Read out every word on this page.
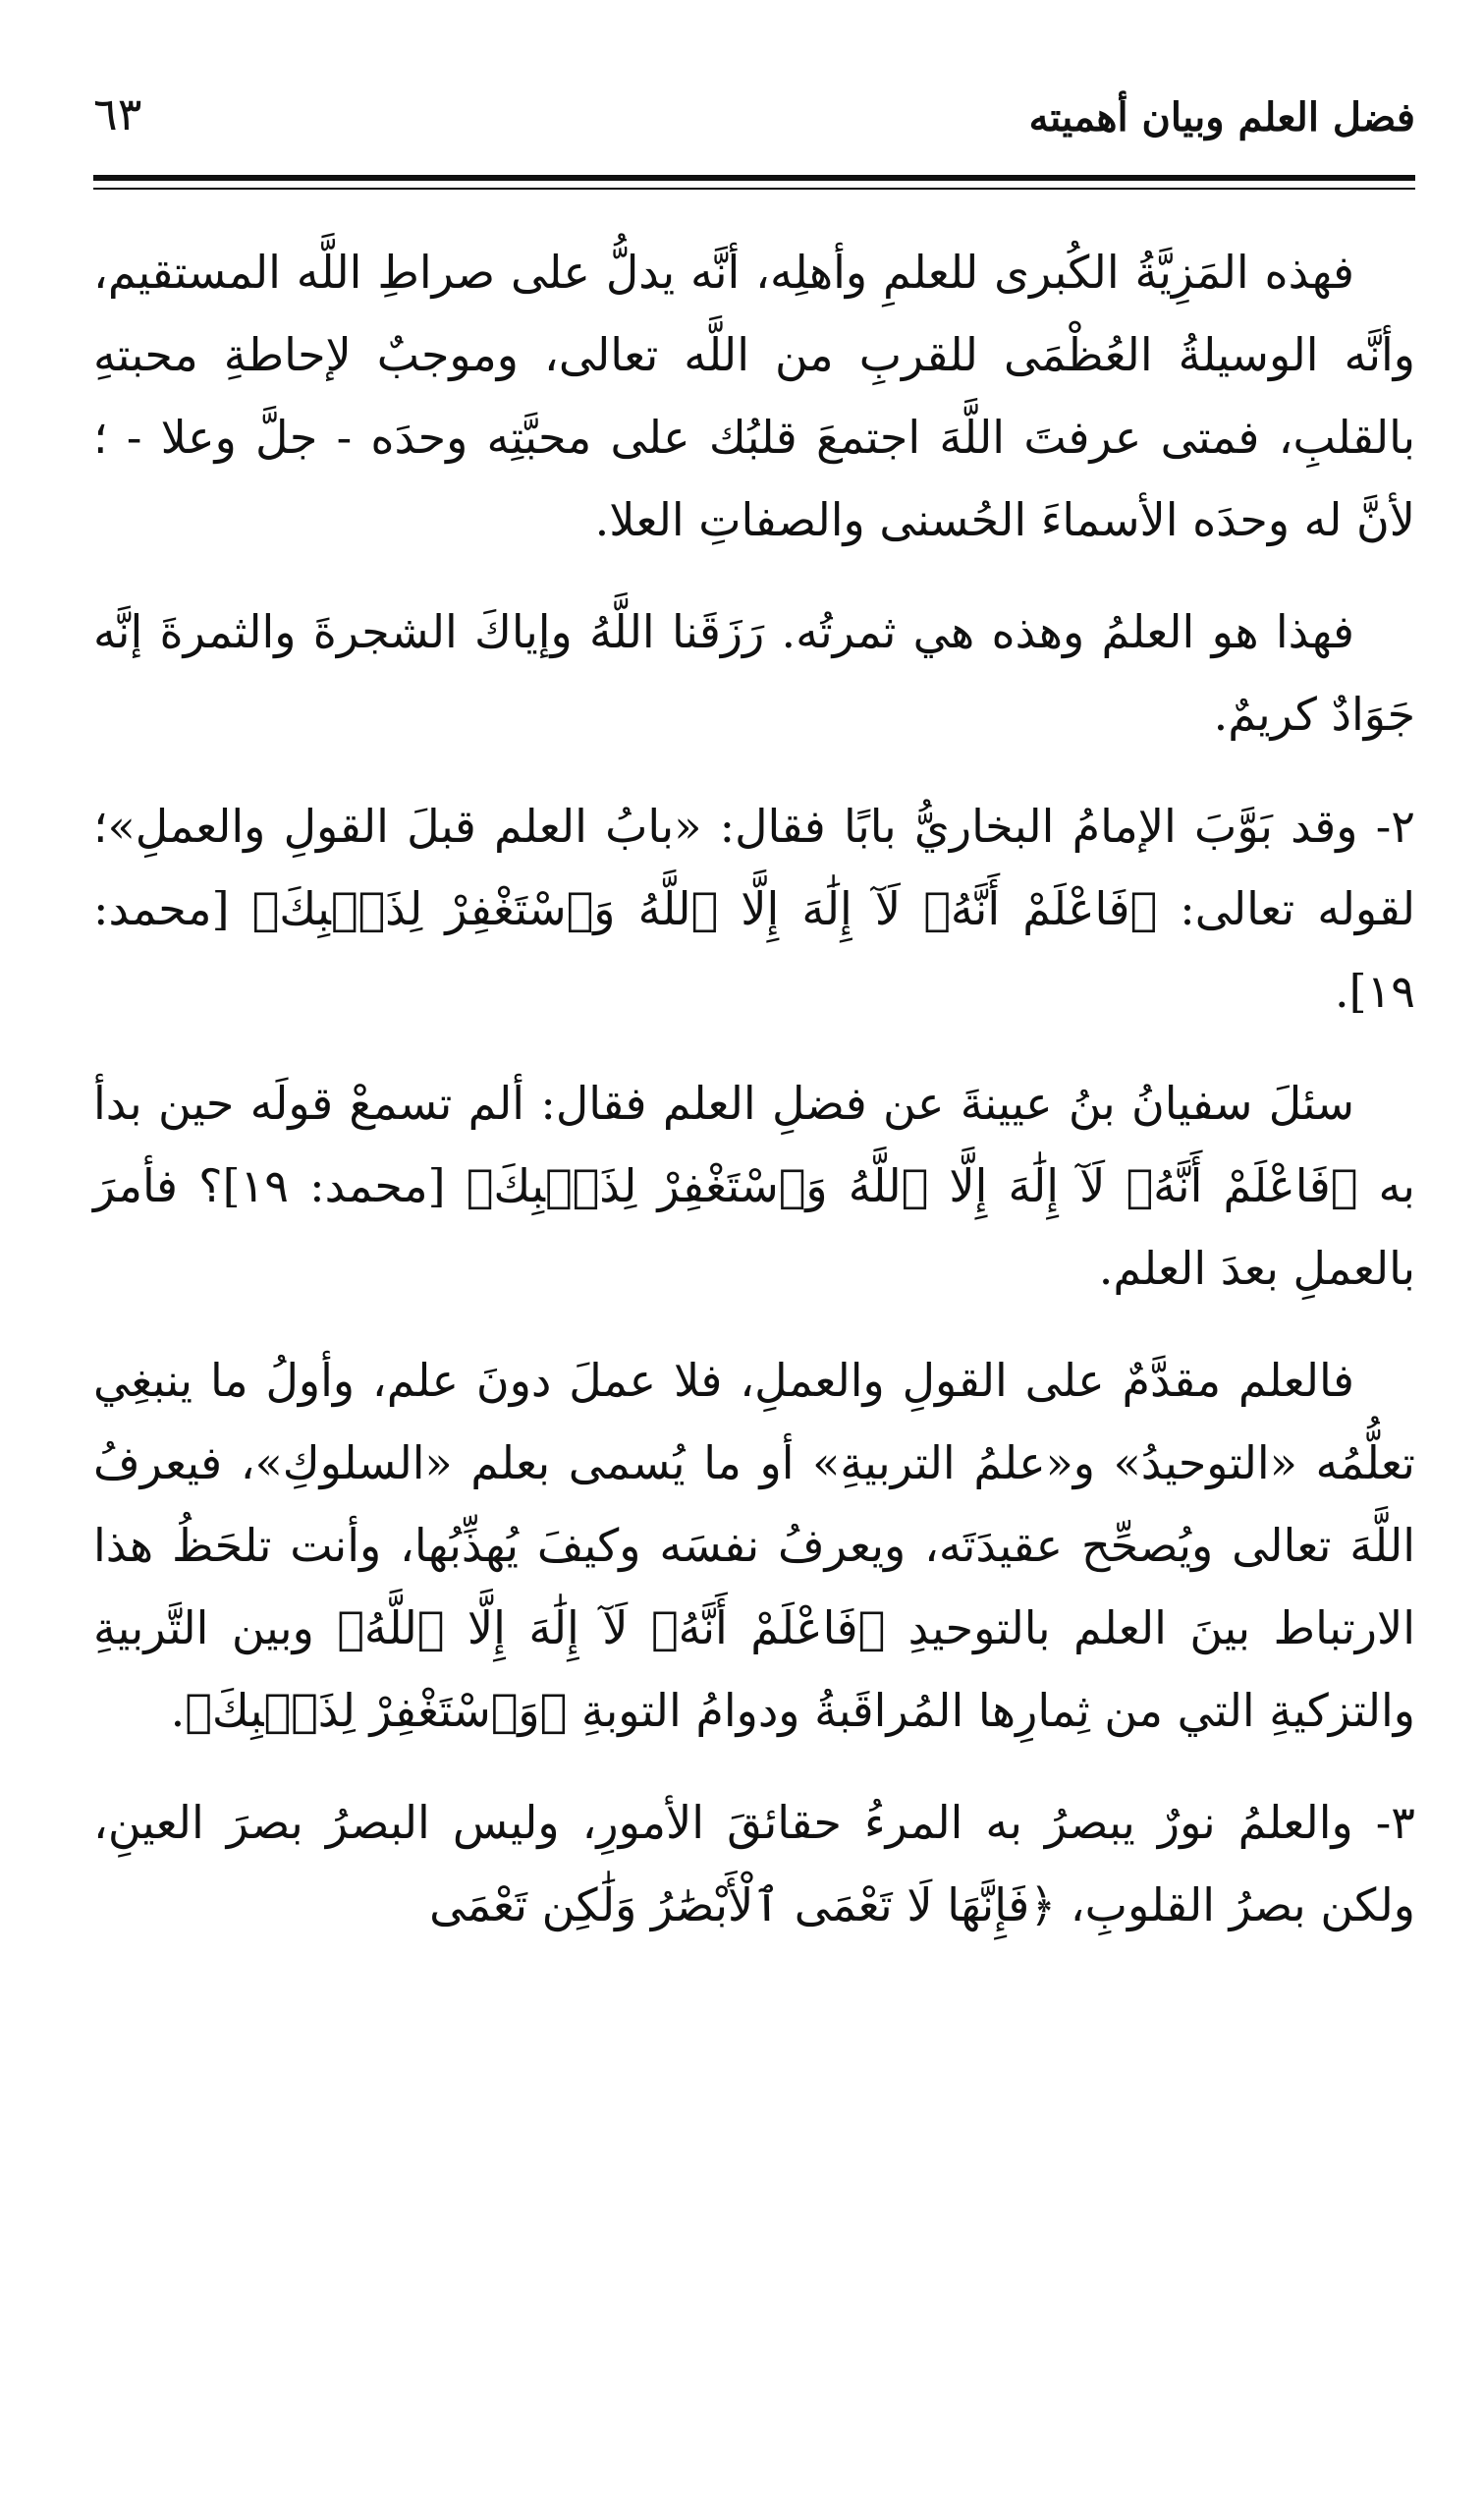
فضل العلم وبيان أهميته
٦٣

فهذه المَزِيَّةُ الكُبرى للعلمِ وأهلِه، أنَّه يدلُّ على صراطِ اللَّه المستقيم، وأنَّه الوسيلةُ العُظْمَى للقربِ من اللَّه تعالى، وموجبٌ لإحاطةِ محبتهِ بالقلبِ، فمتى عرفتَ اللَّهَ اجتمعَ قلبُك على محبَّتِه وحدَه - جلَّ وعلا - ؛ لأنَّ له وحدَه الأسماءَ الحُسنى والصفاتِ العلا.

فهذا هو العلمُ وهذه هي ثمرتُه. رَزَقَنا اللَّهُ وإياكَ الشجرةَ والثمرةَ إنَّه جَوَادٌ كريمٌ.

٢- وقد بَوَّبَ الإمامُ البخاريُّ بابًا فقال: «بابُ العلم قبلَ القولِ والعملِ»؛ لقوله تعالى: ﴿فَاعْلَمْ أَنَّهُۥ لَآ إِلَٰهَ إِلَّا ٱللَّهُ وَٱسْتَغْفِرْ لِذَنۢبِكَ﴾ [محمد: ١٩].

سئلَ سفيانُ بنُ عيينةَ عن فضلِ العلم فقال: ألم تسمعْ قولَه حين بدأ به ﴿فَاعْلَمْ أَنَّهُۥ لَآ إِلَٰهَ إِلَّا ٱللَّهُ وَٱسْتَغْفِرْ لِذَنۢبِكَ﴾ [محمد: ١٩]؟ فأمرَ بالعملِ بعدَ العلم.

فالعلم مقدَّمٌ على القولِ والعملِ، فلا عملَ دونَ علم، وأولُ ما ينبغِي تعلُّمُه «التوحيدُ» و«علمُ التربيةِ» أو ما يُسمى بعلم «السلوكِ»، فيعرفُ اللَّهَ تعالى ويُصحِّح عقيدَتَه، ويعرفُ نفسَه وكيفَ يُهذِّبُها، وأنت تلحَظُ هذا الارتباط بينَ العلم بالتوحيدِ ﴿فَاعْلَمْ أَنَّهُۥ لَآ إِلَٰهَ إِلَّا ٱللَّهُ﴾ وبين التَّربيةِ والتزكيةِ التي من ثِمارِها المُراقَبةُ ودوامُ التوبةِ ﴿وَٱسْتَغْفِرْ لِذَنۢبِكَ﴾.

٣- والعلمُ نورٌ يبصرُ به المرءُ حقائقَ الأمورِ، وليس البصرُ بصرَ العينِ، ولكن بصرُ القلوبِ، ﴿فَإِنَّهَا لَا تَعْمَى ٱلْأَبْصَٰرُ وَلَٰكِن تَعْمَى
